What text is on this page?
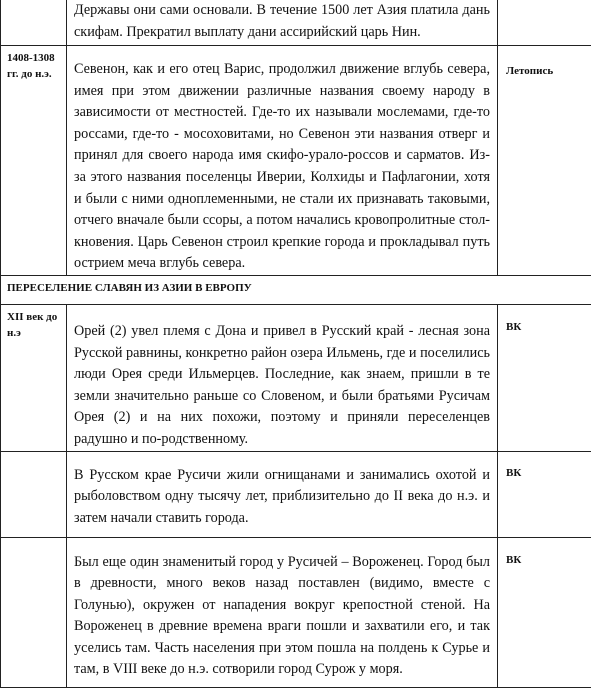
	Державы они сами основали. В течение 1500 лет Азия платила дань скифам. Прекратил выплату дани ассирийский царь Нин.	

1408-1308 гг. до н.э.	Севенон, как и его отец Варис, продолжил движение вглубь севера, имея при этом движении различные названия своему народу в зависимости от местностей. Где-то их называли мослемами, где-то россами, где-то - мосоховитами, но Севенон эти названия отверг и принял для своего народа имя скифо-урало-россов и сарматов. Из-за этого названия поселенцы Иверии, Колхиды и Пафлагонии, хотя и были с ними одноплеменными, не стали их признавать таковыми, отчего вначале были ссоры, а потом начались кровопролитные стол-кновения. Царь Севенон строил крепкие города и прокладывал путь острием меча вглубь севера.	Летопись

ПЕРЕСЕЛЕНИЕ СЛАВЯН ИЗ АЗИИ В ЕВРОПУ		

XII век до н.э	Орей (2) увел племя с Дона и привел в Русский край - лесная зона Русской равнины, конкретно район озера Ильмень, где и поселились люди Орея среди Ильмерцев. Последние, как знаем, пришли в те земли значительно раньше со Словеном, и были братьями Русичам Орея (2) и на них похожи, поэтому и приняли переселенцев радушно и по-родственному.	ВК

	В Русском крае Русичи жили огнищанами и занимались охотой и рыболовством одну тысячу лет, приблизительно до II века до н.э. и затем начали ставить города.	ВК

	Был еще один знаменитый город у Русичей – Вороженец. Город был в древности, много веков назад поставлен (видимо, вместе с Голунью), окружен от нападения вокруг крепостной стеной. На Вороженец в древние времена враги пошли и захватили его, и так уселись там. Часть населения при этом пошла на полдень к Сурье и там, в VIII веке до н.э. сотворили город Сурож у моря.	ВК
